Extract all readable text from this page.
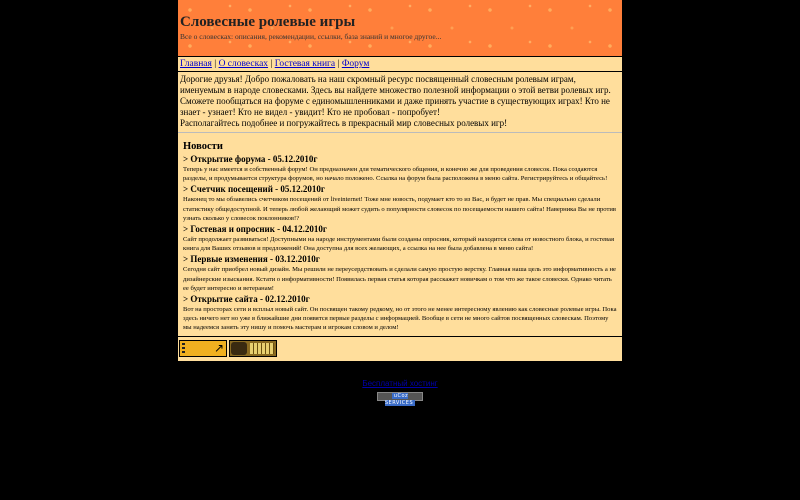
Словесные ролевые игры
Все о словесках: описания, рекомендации, ссылки, база знаний и многое другое...
Главная | О словесках | Гостевая книга | Форум

Дорогие друзья! Добро пожаловать на наш скромный ресурс посвященный словесным ролевым играм, именуемым в народе словесками. Здесь вы найдете множество полезной информации о этой ветви ролевых игр. Сможете пообщаться на форуме с единомышленниками и даже принять участие в существующих играх! Кто не знает - узнает! Кто не видел - увидит! Кто не пробовал - попробует!

Располагайтесь подобнее и погружайтесь в прекрасный мир словесных ролевых игр!

Новости

> Открытие форума - 05.12.2010г

Теперь у нас имеется и собственный форум! Он предназначен для тематического общения, и конечно же для проведения словесок. Пока создаются разделы, и продумывается структура форумов, но начало положено. Ссылка на форум была расположена в меню сайта. Регистрируйтесь и общайтесь!

> Счетчик посещений - 05.12.2010г

Наконец то мы обзавелись счетчиком посещений от liveinternet! Тоже мне новость, подумает кто то из Вас, и будет не прав. Мы специально сделали статистику общедоступной. И теперь любой желающий может судить о популярности словесок по посещаемости нашего сайта! Наверника Вы не против узнать сколько у словесок поклонников!?

> Гостевая и опросник - 04.12.2010г

Сайт продолжает развиваться! Доступными на народе инструментами были созданы опросник, который находится слева от новостного блока, и гостевая книга для Ваших отзывов и предложений! Она доступна для всех желающих, а ссылка на нее была добавлена в меню сайта!

> Первые изменения - 03.12.2010г

Сегодня сайт приобрел новый дизайн. Мы решили не переусердствовать и сделали самую простую верстку. Главная наша цель это информативность а не дизайнерские изыскания. Кстати о информативности! Появилась первая статья которая расскажет новичкам о том что же такое словески. Однако читать ее будет интересно и ветеранам!

> Открытие сайта - 02.12.2010г

Вот на просторах сети и всплыл новый сайт. Он посвящен такому редкому, но от этого не менее интересному явлению как словесные ролевые игры. Пока здесь ничего нет но уже в ближайшие дни появятся первые разделы с информацией. Вообще в сети не много сайтов посвященных словескам. Поэтому мы надеемся занять эту нишу и помочь мастерам и игрокам словом и делом!

↗
Бесплатный хостинг
uCoz SERVICES
